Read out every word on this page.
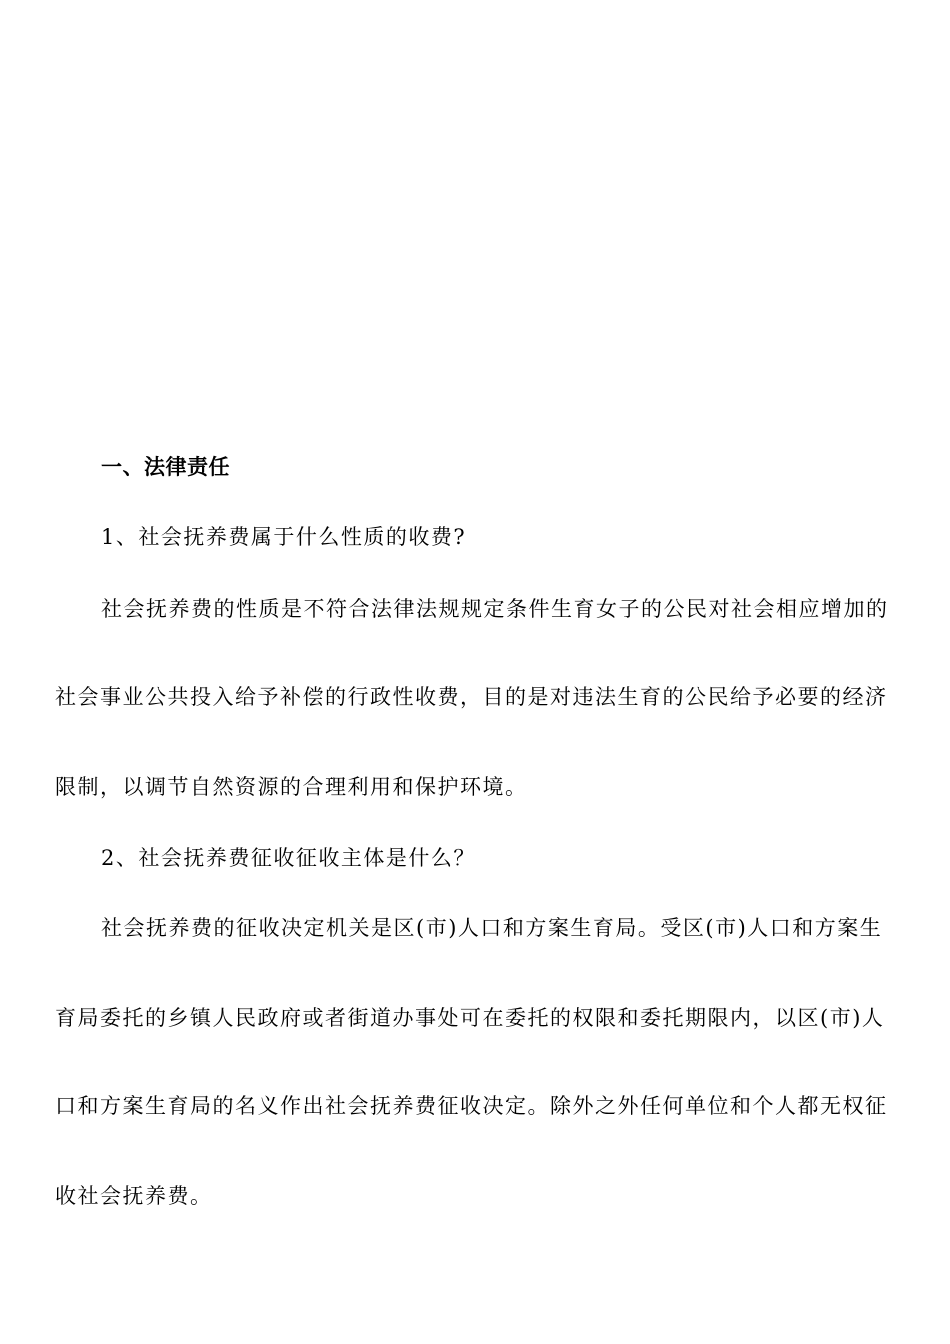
一、法律责任
1、社会抚养费属于什么性质的收费?
社会抚养费的性质是不符合法律法规规定条件生育女子的公民对社会相应增加的
社会事业公共投入给予补偿的行政性收费，目的是对违法生育的公民给予必要的经济
限制，以调节自然资源的合理利用和保护环境。
2、社会抚养费征收征收主体是什么？
社会抚养费的征收决定机关是区(市)人口和方案生育局。受区(市)人口和方案生
育局委托的乡镇人民政府或者街道办事处可在委托的权限和委托期限内，以区(市)人
口和方案生育局的名义作出社会抚养费征收决定。除外之外任何单位和个人都无权征
收社会抚养费。
